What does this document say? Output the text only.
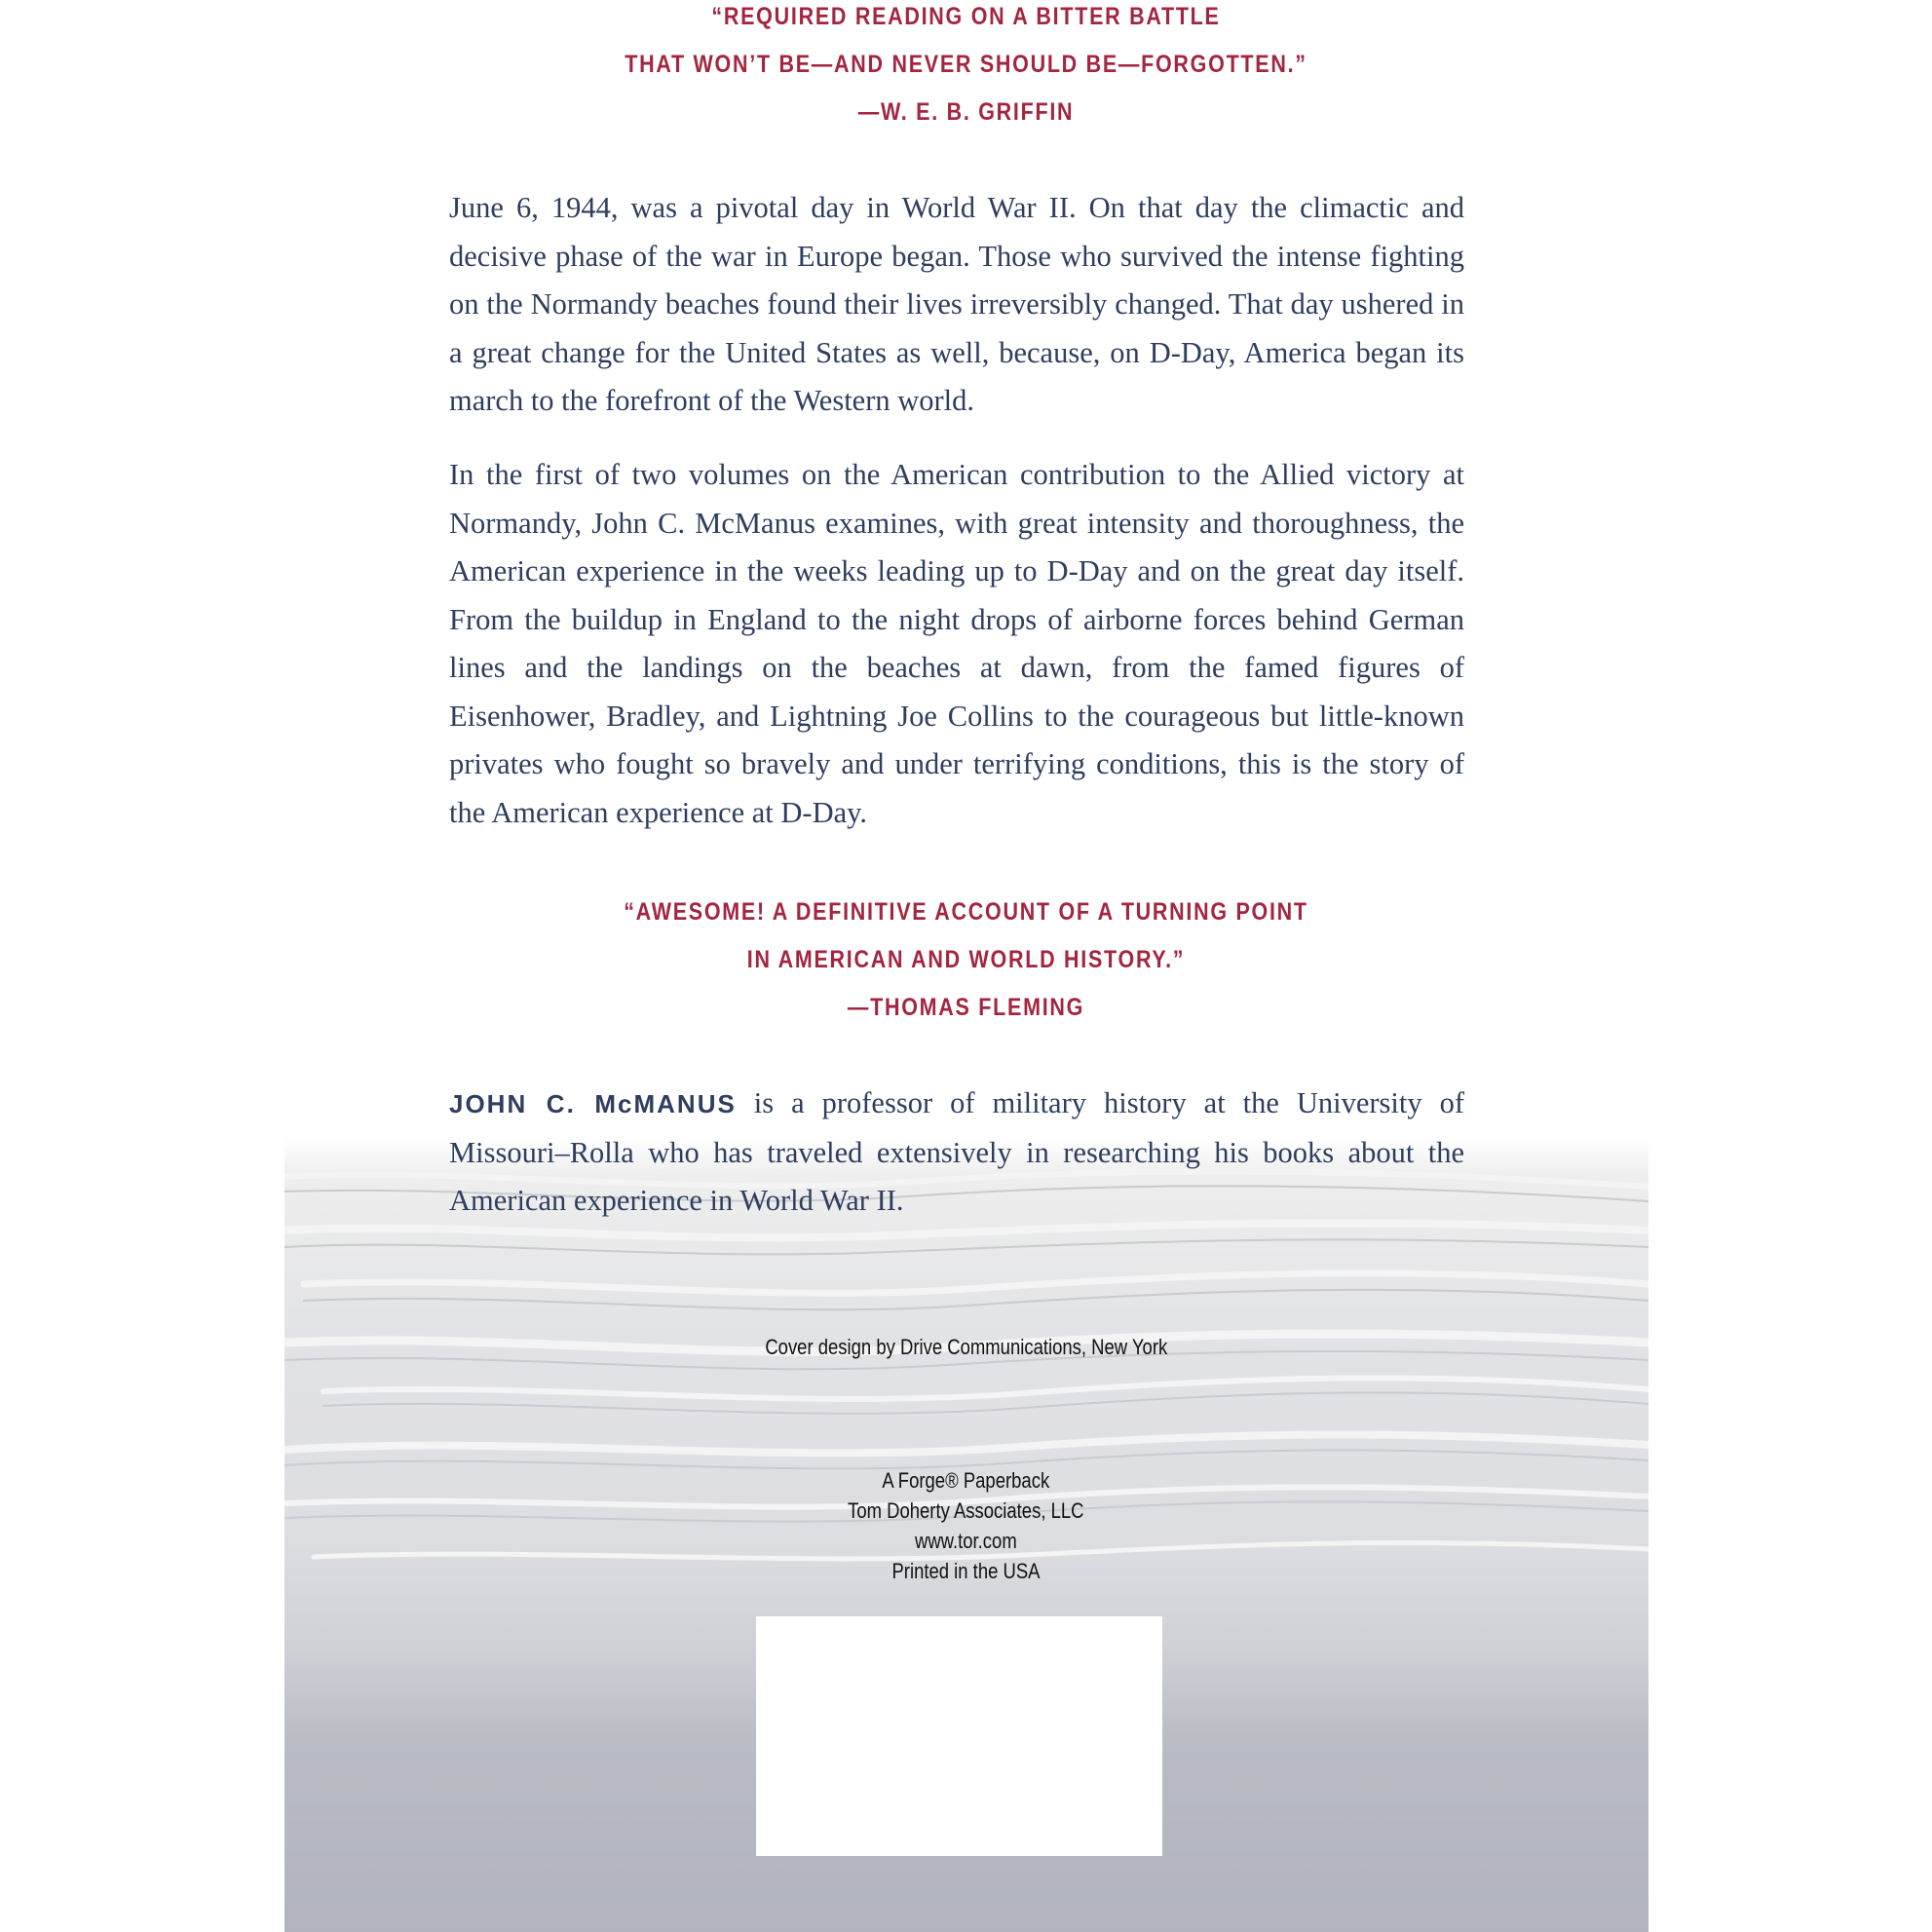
“REQUIRED READING ON A BITTER BATTLE
THAT WON’T BE—AND NEVER SHOULD BE—FORGOTTEN.”
—W. E. B. GRIFFIN

June 6, 1944, was a pivotal day in World War II. On that day the climactic and decisive phase of the war in Europe began. Those who survived the intense fighting on the Normandy beaches found their lives irreversibly changed. That day ushered in a great change for the United States as well, because, on D-Day, America began its march to the forefront of the Western world.

In the first of two volumes on the American contribution to the Allied victory at Normandy, John C. McManus examines, with great intensity and thoroughness, the American experience in the weeks leading up to D-Day and on the great day itself. From the buildup in England to the night drops of airborne forces behind German lines and the landings on the beaches at dawn, from the famed figures of Eisenhower, Bradley, and Lightning Joe Collins to the courageous but little-known privates who fought so bravely and under terrifying conditions, this is the story of the American experience at D-Day.

“AWESOME! A DEFINITIVE ACCOUNT OF A TURNING POINT
IN AMERICAN AND WORLD HISTORY.”
—THOMAS FLEMING

JOHN C. McMANUS is a professor of military history at the University of Missouri–Rolla who has traveled extensively in researching his books about the American experience in World War II.

Cover design by Drive Communications, New York
A Forge® Paperback
Tom Doherty Associates, LLC
www.tor.com
Printed in the USA
